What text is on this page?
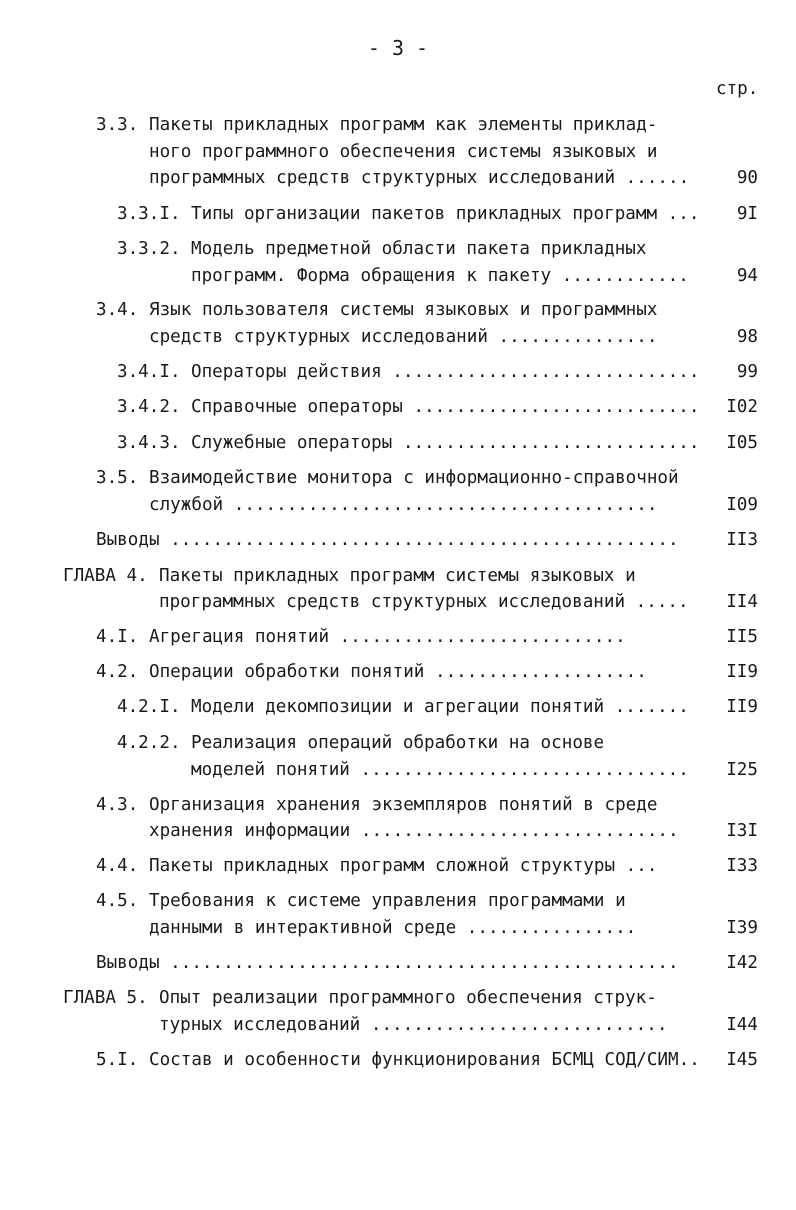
- 3 -
стр.
3.3. Пакеты прикладных программ как элементы приклад-
ного программного обеспечения системы языковых и
программных средств структурных исследований ......	90
3.3.I. Типы организации пакетов прикладных программ ...	9I
3.3.2. Модель предметной области пакета прикладных
программ. Форма обращения к пакету ............	94
3.4. Язык пользователя системы языковых и программных
средств структурных исследований ...............	98
3.4.I. Операторы действия .............................	99
3.4.2. Справочные операторы ...........................	I02
3.4.3. Служебные операторы ............................	I05
3.5. Взаимодействие монитора с информационно-справочной
службой ........................................	I09
Выводы ................................................	II3
ГЛАВА 4. Пакеты прикладных программ системы языковых и
программных средств структурных исследований .....	II4
4.I. Агрегация понятий ...........................	II5
4.2. Операции обработки понятий ....................	II9
4.2.I. Модели декомпозиции и агрегации понятий .......	II9
4.2.2. Реализация операций обработки на основе
моделей понятий ...............................	I25
4.3. Организация хранения экземпляров понятий в среде
хранения информации ..............................	I3I
4.4. Пакеты прикладных программ сложной структуры ...	I33
4.5. Требования к системе управления программами и
данными в интерактивной среде ................	I39
Выводы ................................................	I42
ГЛАВА 5. Опыт реализации программного обеспечения струк-
турных исследований ............................	I44
5.I. Состав и особенности функционирования БСМЦ СОД/СИМ..	I45
